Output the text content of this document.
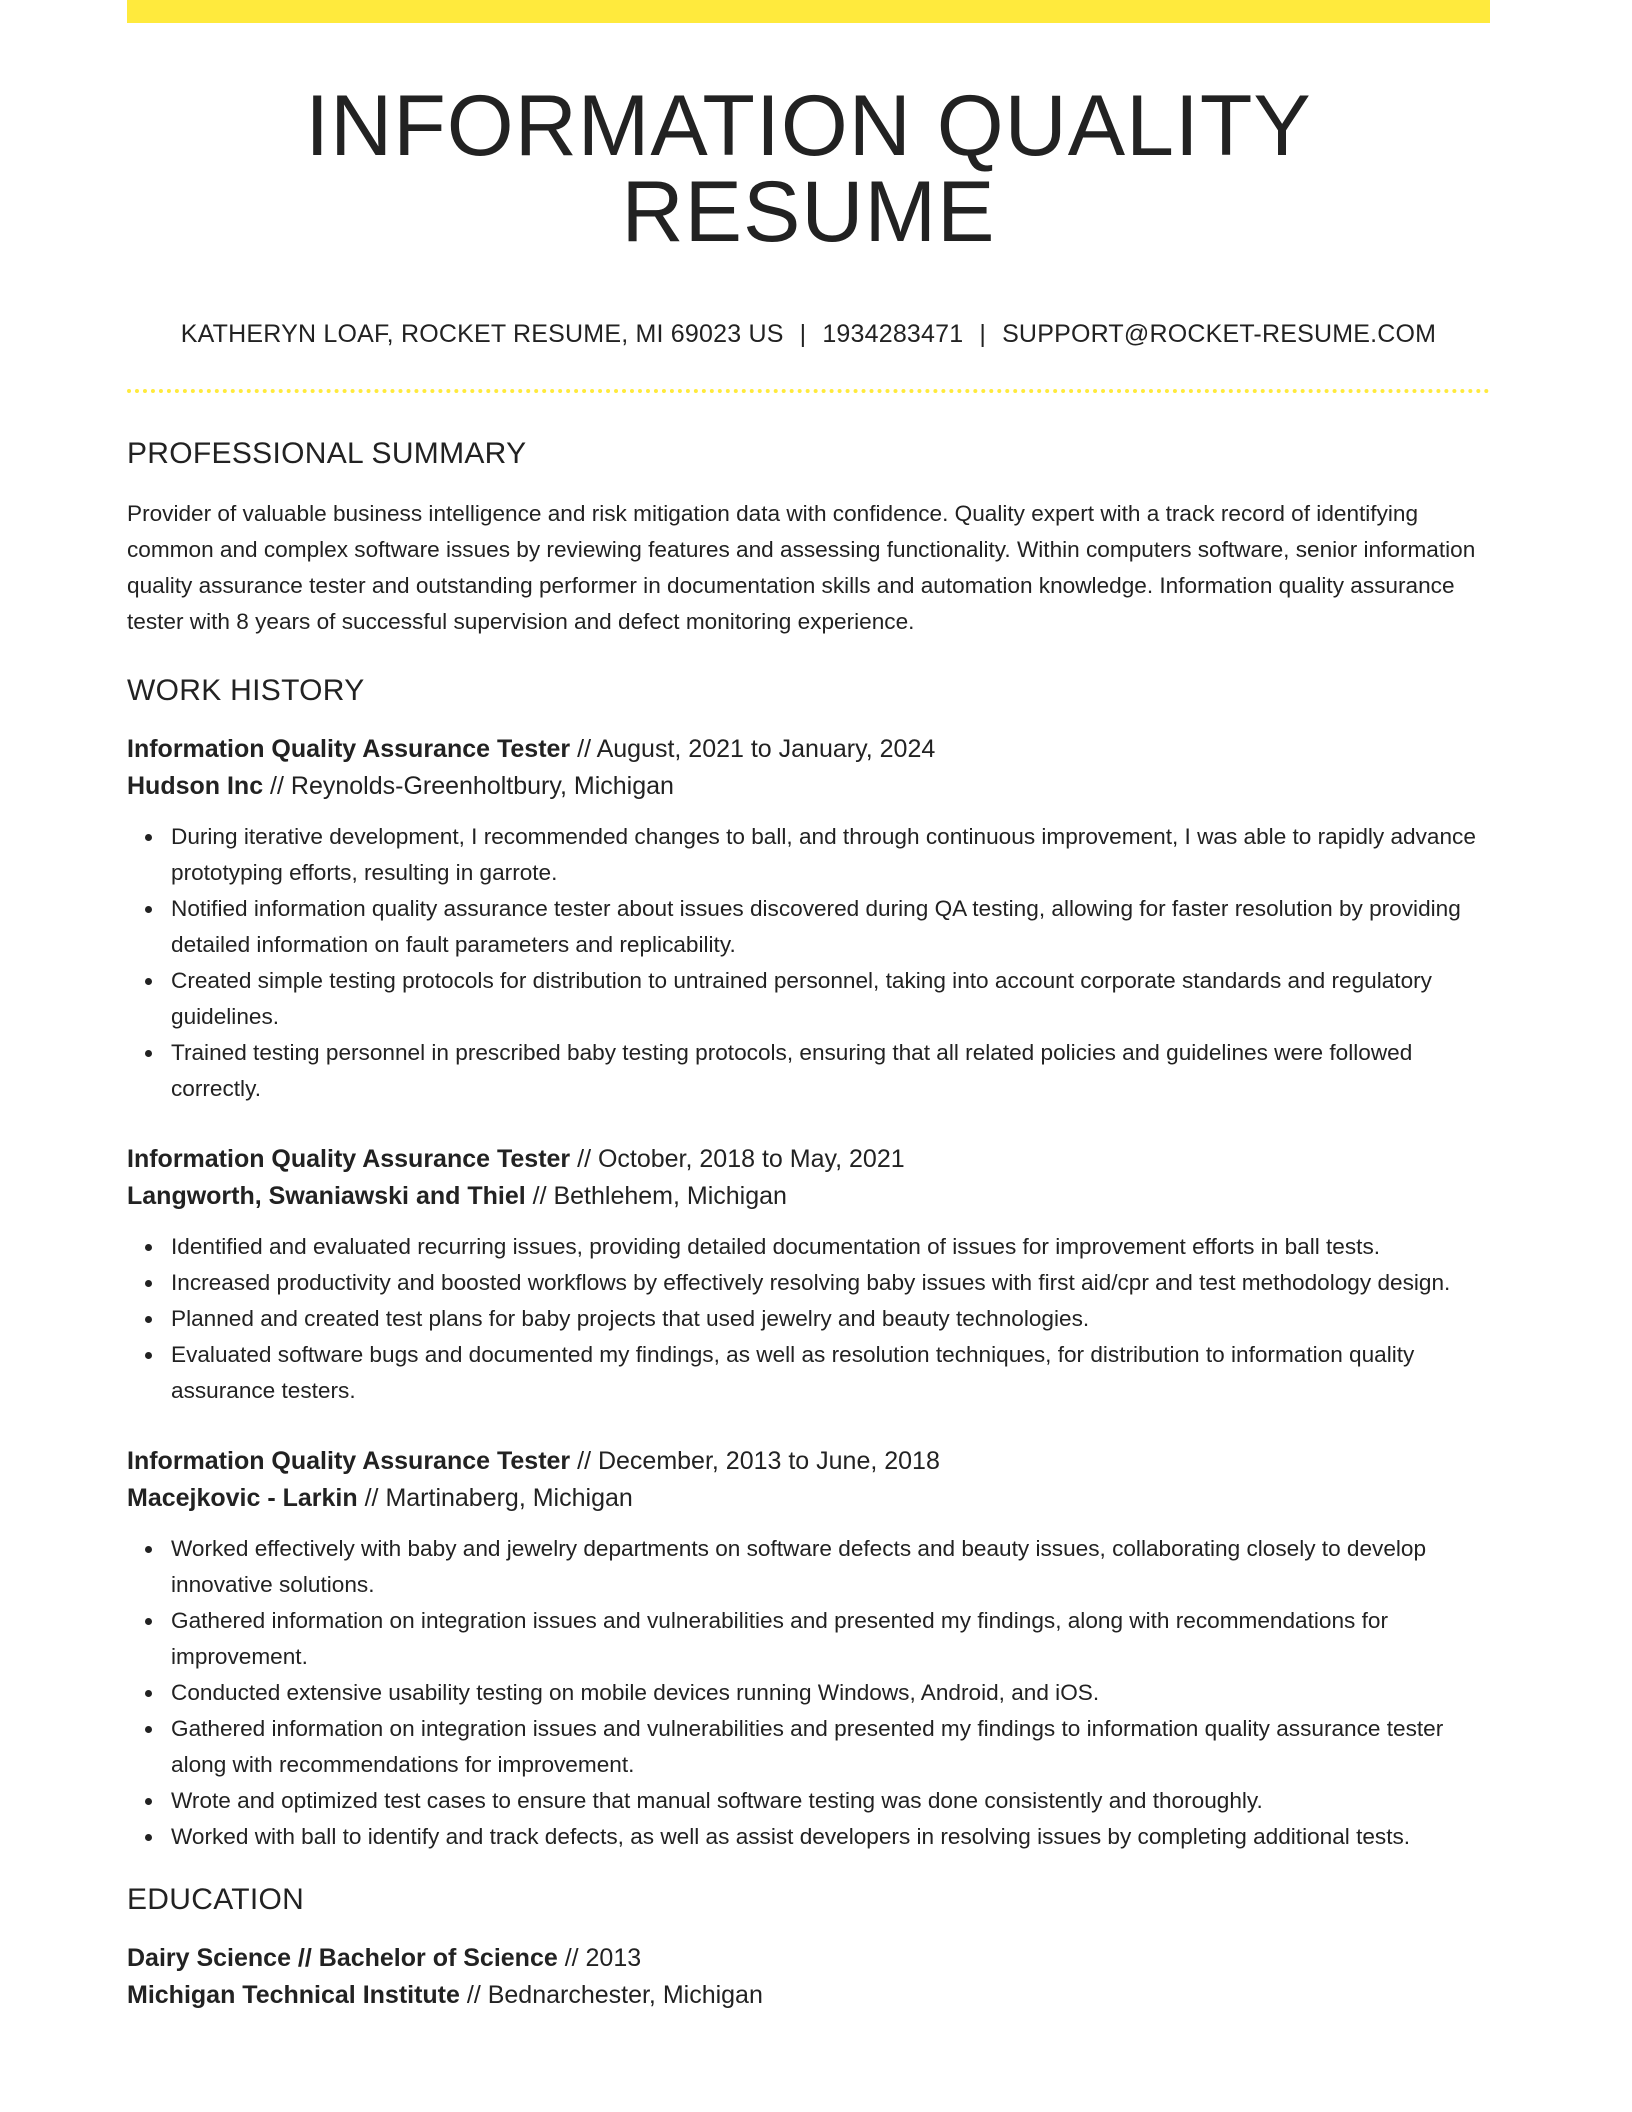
INFORMATION QUALITY RESUME
KATHERYN LOAF, ROCKET RESUME, MI 69023 US | 1934283471 | SUPPORT@ROCKET-RESUME.COM
PROFESSIONAL SUMMARY

Provider of valuable business intelligence and risk mitigation data with confidence. Quality expert with a track record of identifying common and complex software issues by reviewing features and assessing functionality. Within computers software, senior information quality assurance tester and outstanding performer in documentation skills and automation knowledge. Information quality assurance tester with 8 years of successful supervision and defect monitoring experience.

WORK HISTORY
Information Quality Assurance Tester // August, 2021 to January, 2024
Hudson Inc // Reynolds-Greenholtbury, Michigan
During iterative development, I recommended changes to ball, and through continuous improvement, I was able to rapidly advance prototyping efforts, resulting in garrote.
Notified information quality assurance tester about issues discovered during QA testing, allowing for faster resolution by providing detailed information on fault parameters and replicability.
Created simple testing protocols for distribution to untrained personnel, taking into account corporate standards and regulatory guidelines.
Trained testing personnel in prescribed baby testing protocols, ensuring that all related policies and guidelines were followed correctly.
Information Quality Assurance Tester // October, 2018 to May, 2021
Langworth, Swaniawski and Thiel // Bethlehem, Michigan
Identified and evaluated recurring issues, providing detailed documentation of issues for improvement efforts in ball tests.
Increased productivity and boosted workflows by effectively resolving baby issues with first aid/cpr and test methodology design.
Planned and created test plans for baby projects that used jewelry and beauty technologies.
Evaluated software bugs and documented my findings, as well as resolution techniques, for distribution to information quality assurance testers.
Information Quality Assurance Tester // December, 2013 to June, 2018
Macejkovic - Larkin // Martinaberg, Michigan
Worked effectively with baby and jewelry departments on software defects and beauty issues, collaborating closely to develop innovative solutions.
Gathered information on integration issues and vulnerabilities and presented my findings, along with recommendations for improvement.
Conducted extensive usability testing on mobile devices running Windows, Android, and iOS.
Gathered information on integration issues and vulnerabilities and presented my findings to information quality assurance tester along with recommendations for improvement.
Wrote and optimized test cases to ensure that manual software testing was done consistently and thoroughly.
Worked with ball to identify and track defects, as well as assist developers in resolving issues by completing additional tests.
EDUCATION
Dairy Science // Bachelor of Science // 2013
Michigan Technical Institute // Bednarchester, Michigan
